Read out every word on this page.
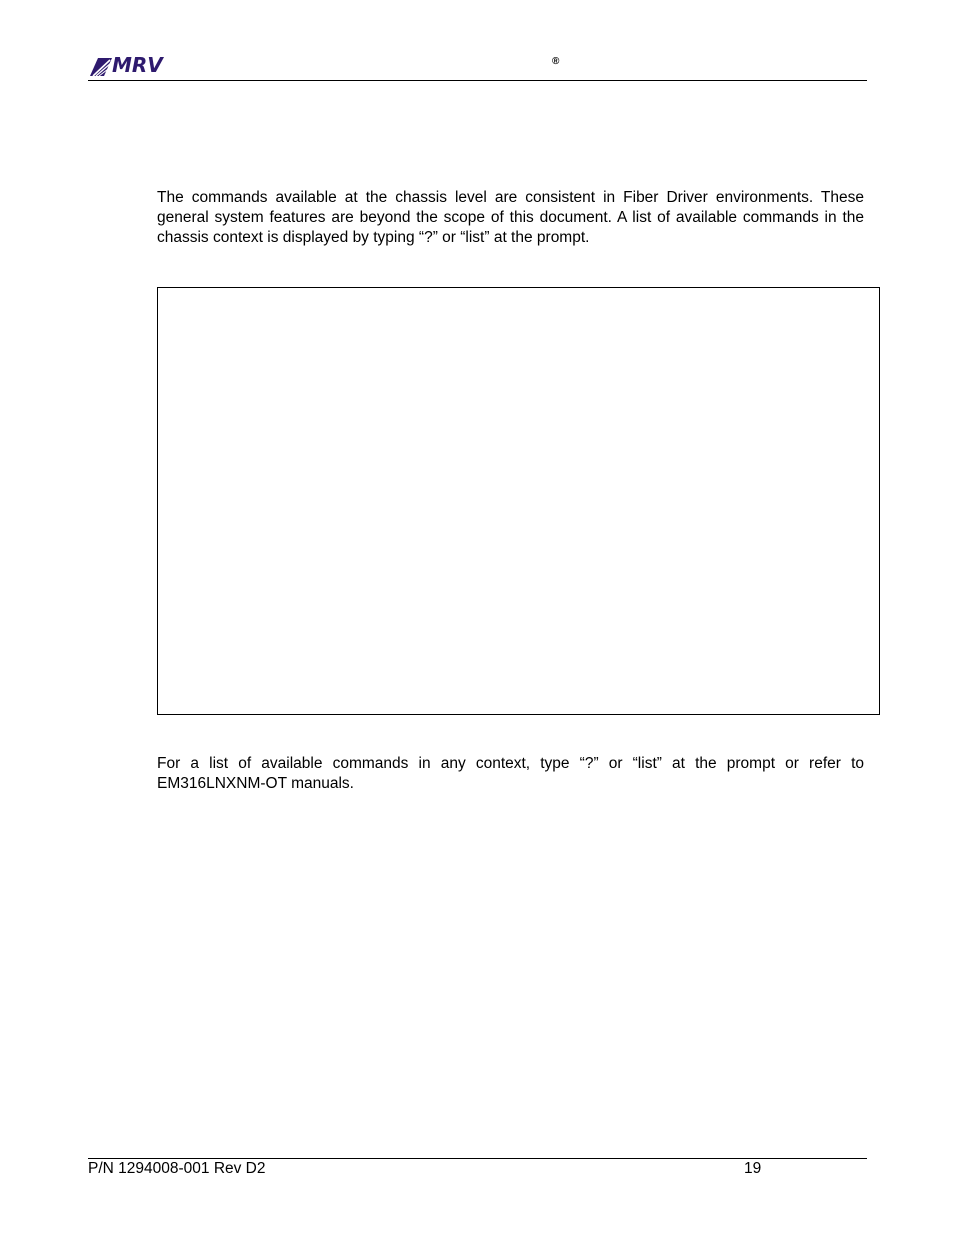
MRV	®

The commands available at the chassis level are consistent in Fiber Driver environments. These general system features are beyond the scope of this document. A list of available commands in the chassis context is displayed by typing “?” or “list” at the prompt.

For a list of available commands in any context, type “?” or “list” at the prompt or refer to EM316LNXNM-OT manuals.

P/N 1294008-001 Rev D2	19
